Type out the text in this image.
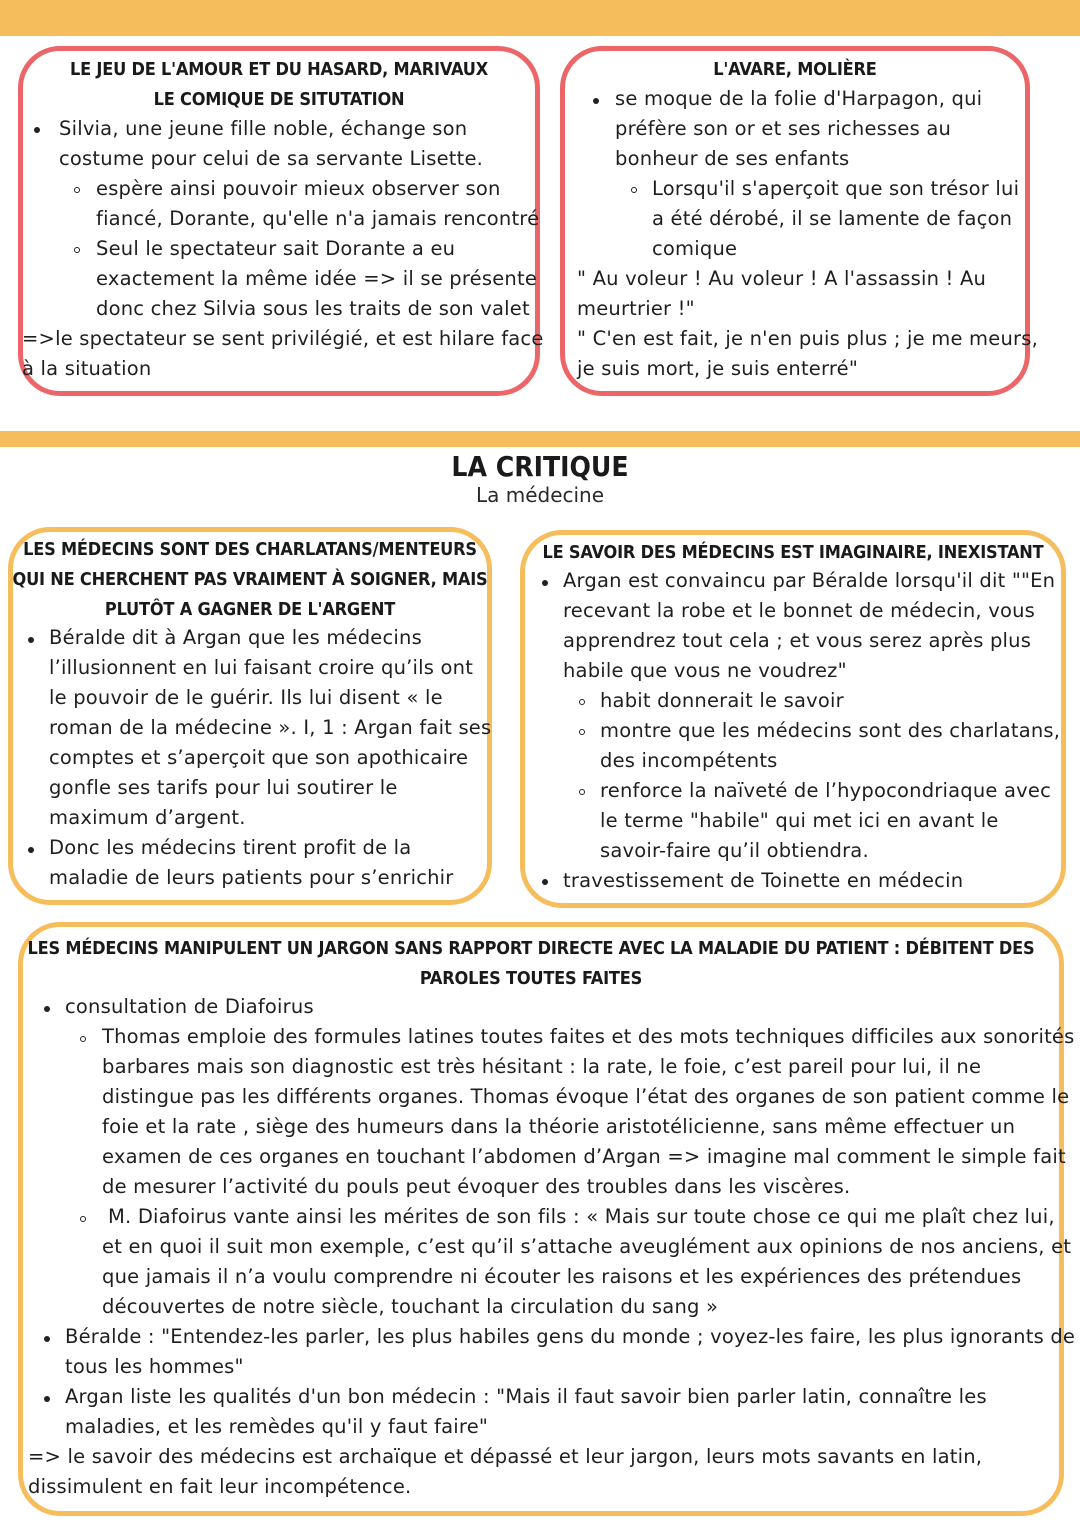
LE JEU DE L'AMOUR ET DU HASARD, MARIVAUX
LE COMIQUE DE SITUTATION
Silvia, une jeune fille noble, échange son
costume pour celui de sa servante Lisette.
espère ainsi pouvoir mieux observer son
fiancé, Dorante, qu'elle n'a jamais rencontré
Seul le spectateur sait Dorante a eu
exactement la même idée => il se présente
donc chez Silvia sous les traits de son valet
=>le spectateur se sent privilégié, et est hilare face
à la situation
L'AVARE, MOLIÈRE
se moque de la folie d'Harpagon, qui
préfère son or et ses richesses au
bonheur de ses enfants
Lorsqu'il s'aperçoit que son trésor lui
a été dérobé, il se lamente de façon
comique
" Au voleur ! Au voleur ! A l'assassin ! Au
meurtrier !"
" C'en est fait, je n'en puis plus ; je me meurs,
je suis mort, je suis enterré"
LA CRITIQUE
La médecine
LES MÉDECINS SONT DES CHARLATANS/MENTEURS
QUI NE CHERCHENT PAS VRAIMENT À SOIGNER, MAIS
PLUTÔT A GAGNER DE L'ARGENT
Béralde dit à Argan que les médecins
l’illusionnent en lui faisant croire qu’ils ont
le pouvoir de le guérir. Ils lui disent « le
roman de la médecine ». I, 1 : Argan fait ses
comptes et s’aperçoit que son apothicaire
gonfle ses tarifs pour lui soutirer le
maximum d’argent.
Donc les médecins tirent profit de la
maladie de leurs patients pour s’enrichir
LE SAVOIR DES MÉDECINS EST IMAGINAIRE, INEXISTANT
Argan est convaincu par Béralde lorsqu'il dit ""En
recevant la robe et le bonnet de médecin, vous
apprendrez tout cela ; et vous serez après plus
habile que vous ne voudrez"
habit donnerait le savoir
montre que les médecins sont des charlatans,
des incompétents
renforce la naïveté de l’hypocondriaque avec
le terme "habile" qui met ici en avant le
savoir-faire qu’il obtiendra.
travestissement de Toinette en médecin
LES MÉDECINS MANIPULENT UN JARGON SANS RAPPORT DIRECTE AVEC LA MALADIE DU PATIENT : DÉBITENT DES
PAROLES TOUTES FAITES
consultation de Diafoirus
Thomas emploie des formules latines toutes faites et des mots techniques difficiles aux sonorités
barbares mais son diagnostic est très hésitant : la rate, le foie, c’est pareil pour lui, il ne
distingue pas les différents organes. Thomas évoque l’état des organes de son patient comme le
foie et la rate , siège des humeurs dans la théorie aristotélicienne, sans même effectuer un
examen de ces organes en touchant l’abdomen d’Argan => imagine mal comment le simple fait
de mesurer l’activité du pouls peut évoquer des troubles dans les viscères.
M. Diafoirus vante ainsi les mérites de son fils : « Mais sur toute chose ce qui me plaît chez lui,
et en quoi il suit mon exemple, c’est qu’il s’attache aveuglément aux opinions de nos anciens, et
que jamais il n’a voulu comprendre ni écouter les raisons et les expériences des prétendues
découvertes de notre siècle, touchant la circulation du sang »
Béralde : "Entendez-les parler, les plus habiles gens du monde ; voyez-les faire, les plus ignorants de
tous les hommes"
Argan liste les qualités d'un bon médecin : "Mais il faut savoir bien parler latin, connaître les
maladies, et les remèdes qu'il y faut faire"
=> le savoir des médecins est archaïque et dépassé et leur jargon, leurs mots savants en latin,
dissimulent en fait leur incompétence.
